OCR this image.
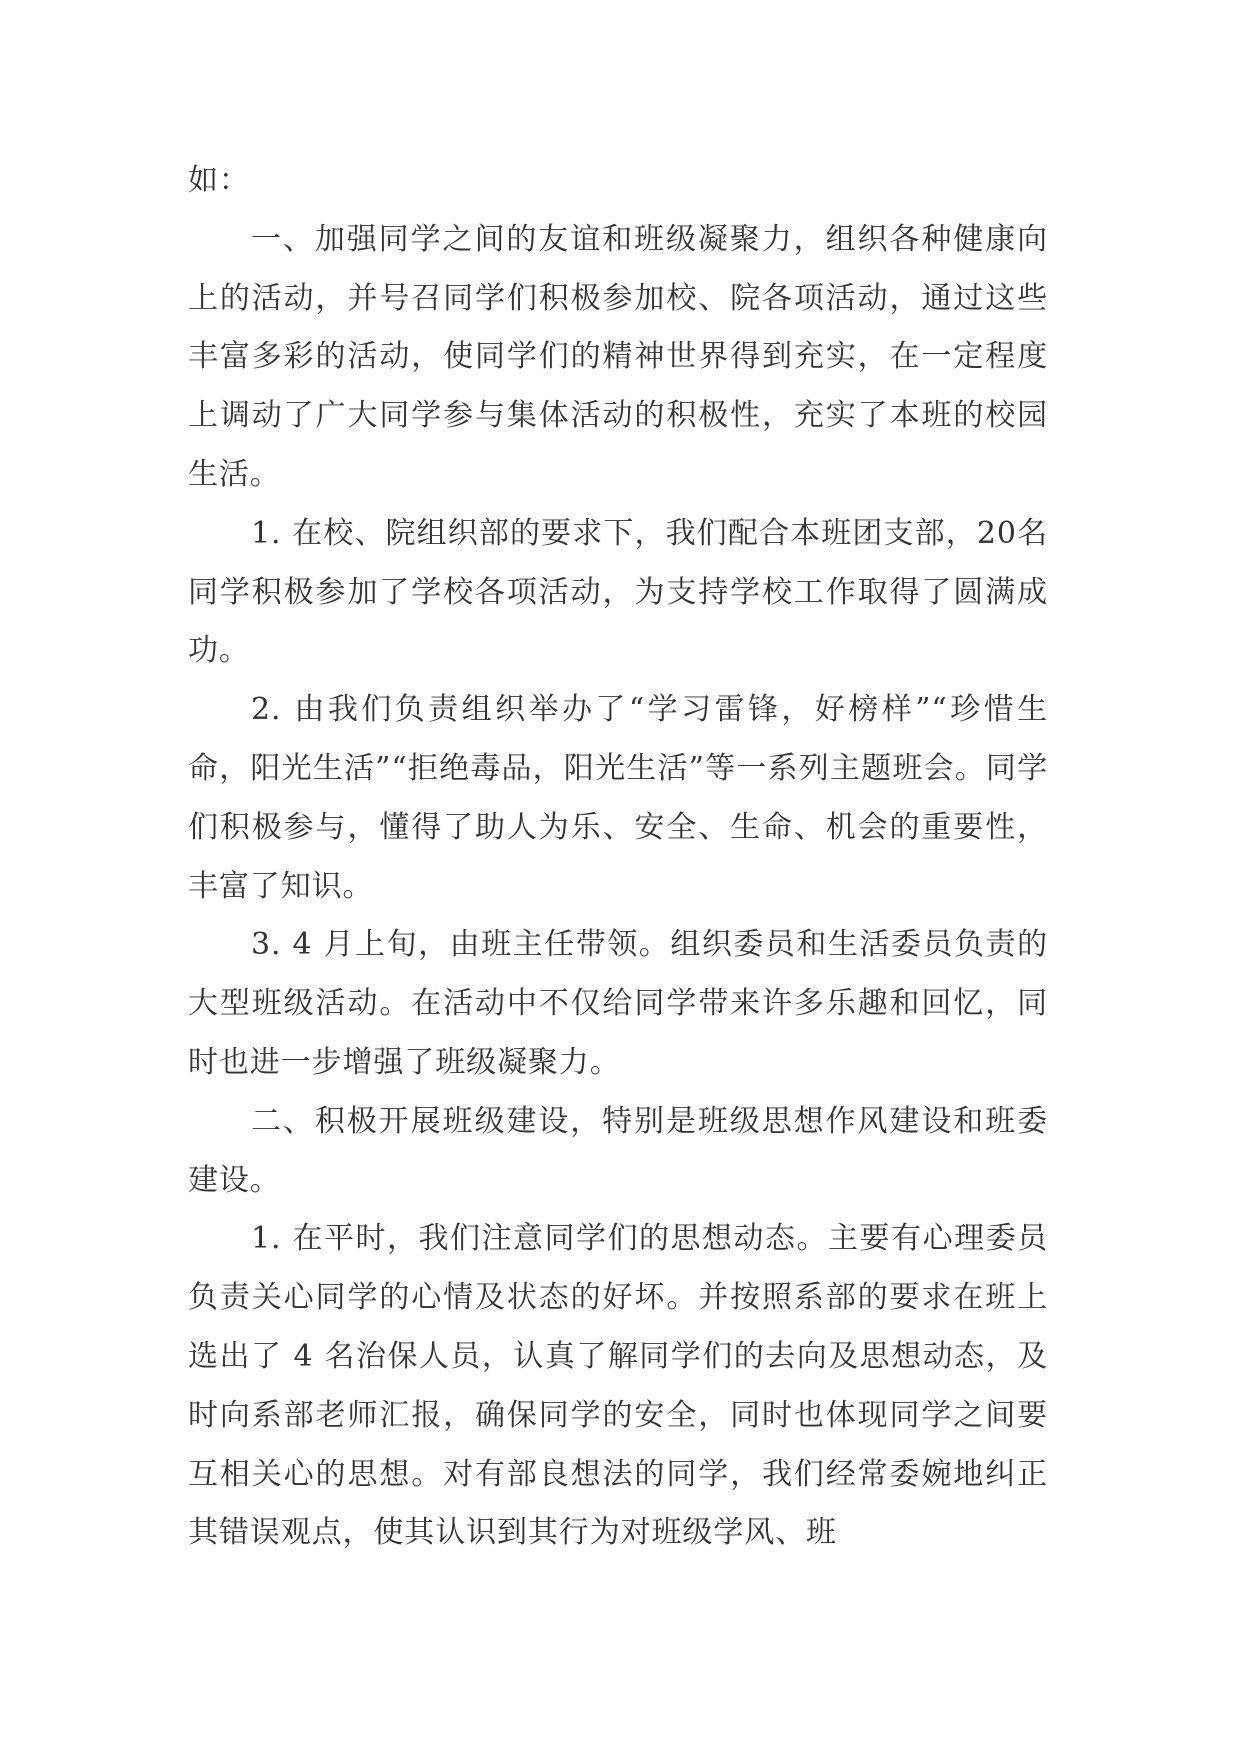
如：

一、加强同学之间的友谊和班级凝聚力，组织各种健康向上的活动，并号召同学们积极参加校、院各项活动，通过这些丰富多彩的活动，使同学们的精神世界得到充实，在一定程度上调动了广大同学参与集体活动的积极性，充实了本班的校园生活。

1. 在校、院组织部的要求下，我们配合本班团支部，20名同学积极参加了学校各项活动，为支持学校工作取得了圆满成功。

2. 由我们负责组织举办了“学习雷锋，好榜样”“珍惜生命，阳光生活”“拒绝毒品，阳光生活”等一系列主题班会。同学们积极参与，懂得了助人为乐、安全、生命、机会的重要性，丰富了知识。

3. 4 月上旬，由班主任带领。组织委员和生活委员负责的大型班级活动。在活动中不仅给同学带来许多乐趣和回忆，同时也进一步增强了班级凝聚力。

二、积极开展班级建设，特别是班级思想作风建设和班委建设。

1. 在平时，我们注意同学们的思想动态。主要有心理委员负责关心同学的心情及状态的好坏。并按照系部的要求在班上选出了 4 名治保人员，认真了解同学们的去向及思想动态，及时向系部老师汇报，确保同学的安全，同时也体现同学之间要互相关心的思想。对有部良想法的同学，我们经常委婉地纠正其错误观点，使其认识到其行为对班级学风、班
